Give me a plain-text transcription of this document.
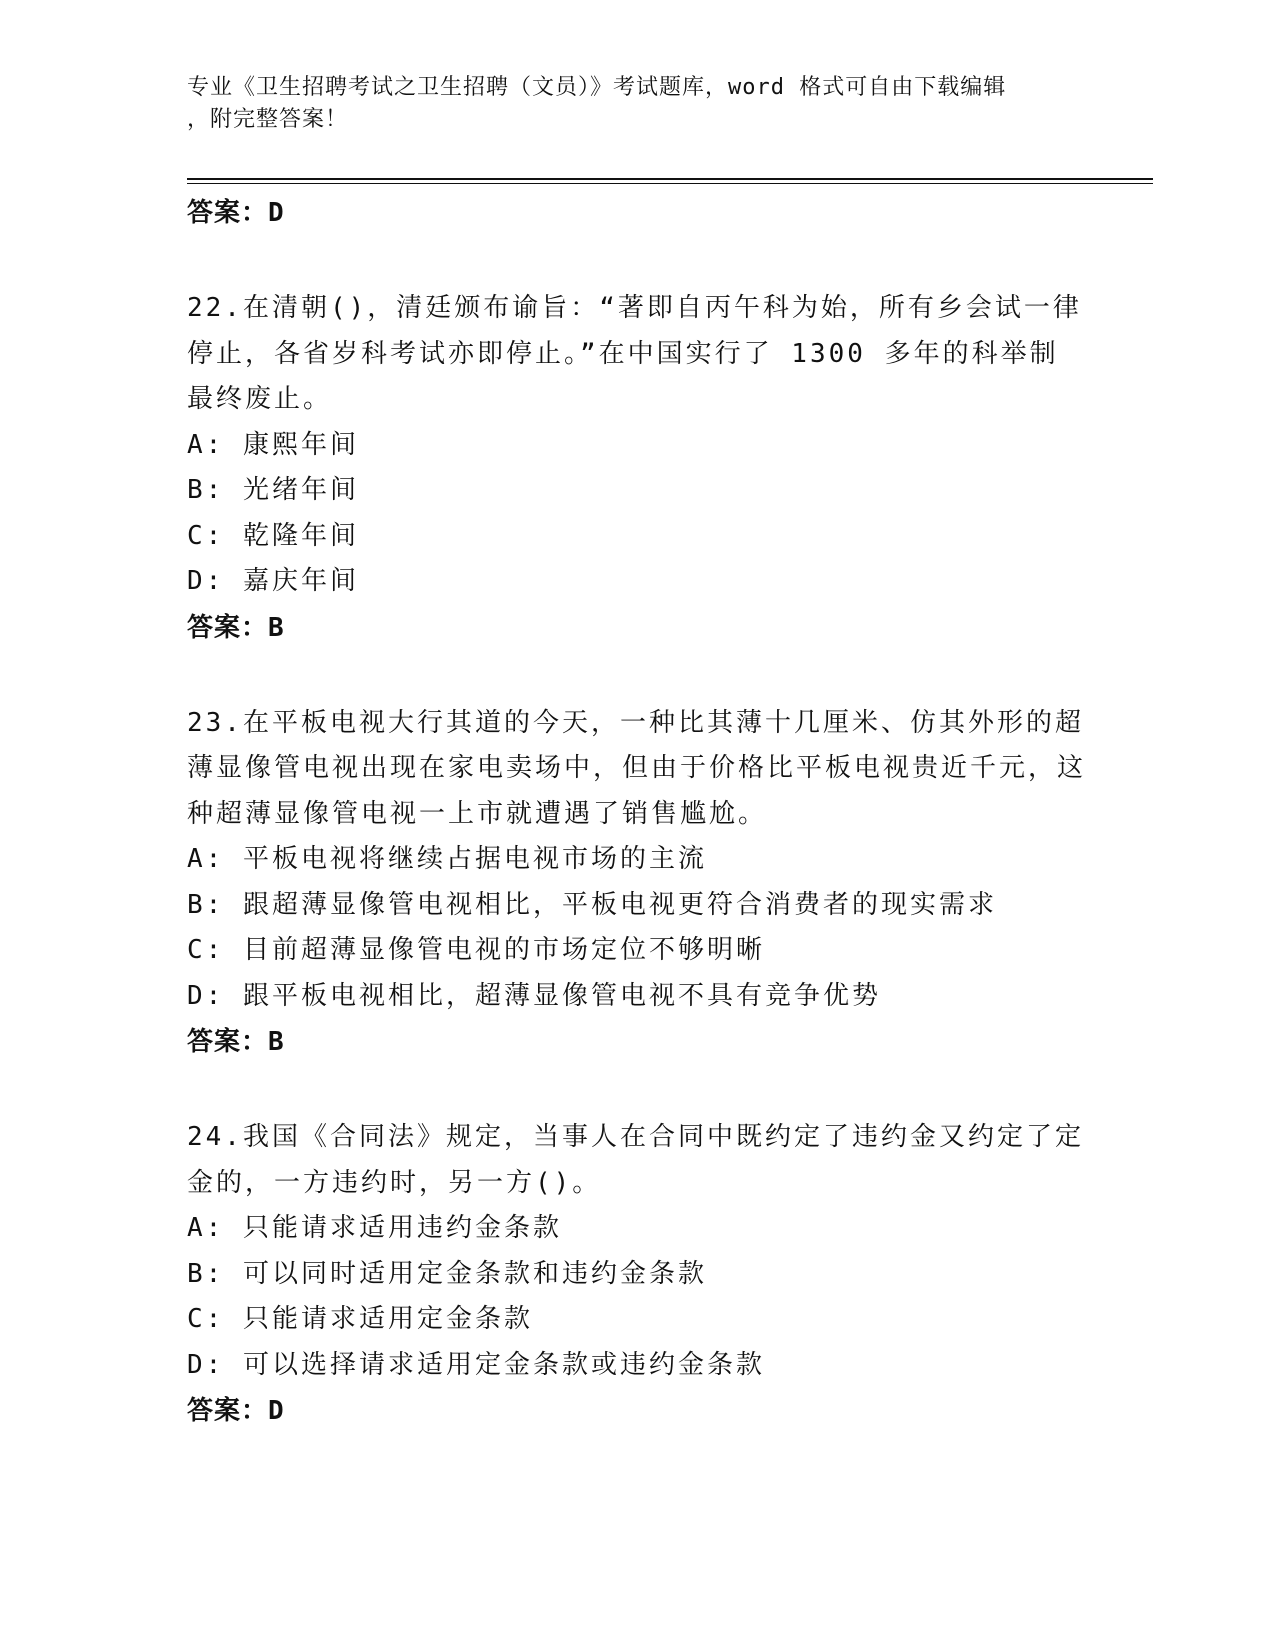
专业《卫生招聘考试之卫生招聘（文员）》考试题库，word 格式可自由下载编辑
，附完整答案！
答案：D
22.在清朝()，清廷颁布谕旨：“著即自丙午科为始，所有乡会试一律停止，各省岁科考试亦即停止。”在中国实行了 1300 多年的科举制最终废止。
A: 康熙年间
B: 光绪年间
C: 乾隆年间
D: 嘉庆年间
答案：B
23.在平板电视大行其道的今天，一种比其薄十几厘米、仿其外形的超薄显像管电视出现在家电卖场中，但由于价格比平板电视贵近千元，这种超薄显像管电视一上市就遭遇了销售尴尬。
A: 平板电视将继续占据电视市场的主流
B: 跟超薄显像管电视相比，平板电视更符合消费者的现实需求
C: 目前超薄显像管电视的市场定位不够明晰
D: 跟平板电视相比，超薄显像管电视不具有竞争优势
答案：B
24.我国《合同法》规定，当事人在合同中既约定了违约金又约定了定金的，一方违约时，另一方()。
A: 只能请求适用违约金条款
B: 可以同时适用定金条款和违约金条款
C: 只能请求适用定金条款
D: 可以选择请求适用定金条款或违约金条款
答案：D
